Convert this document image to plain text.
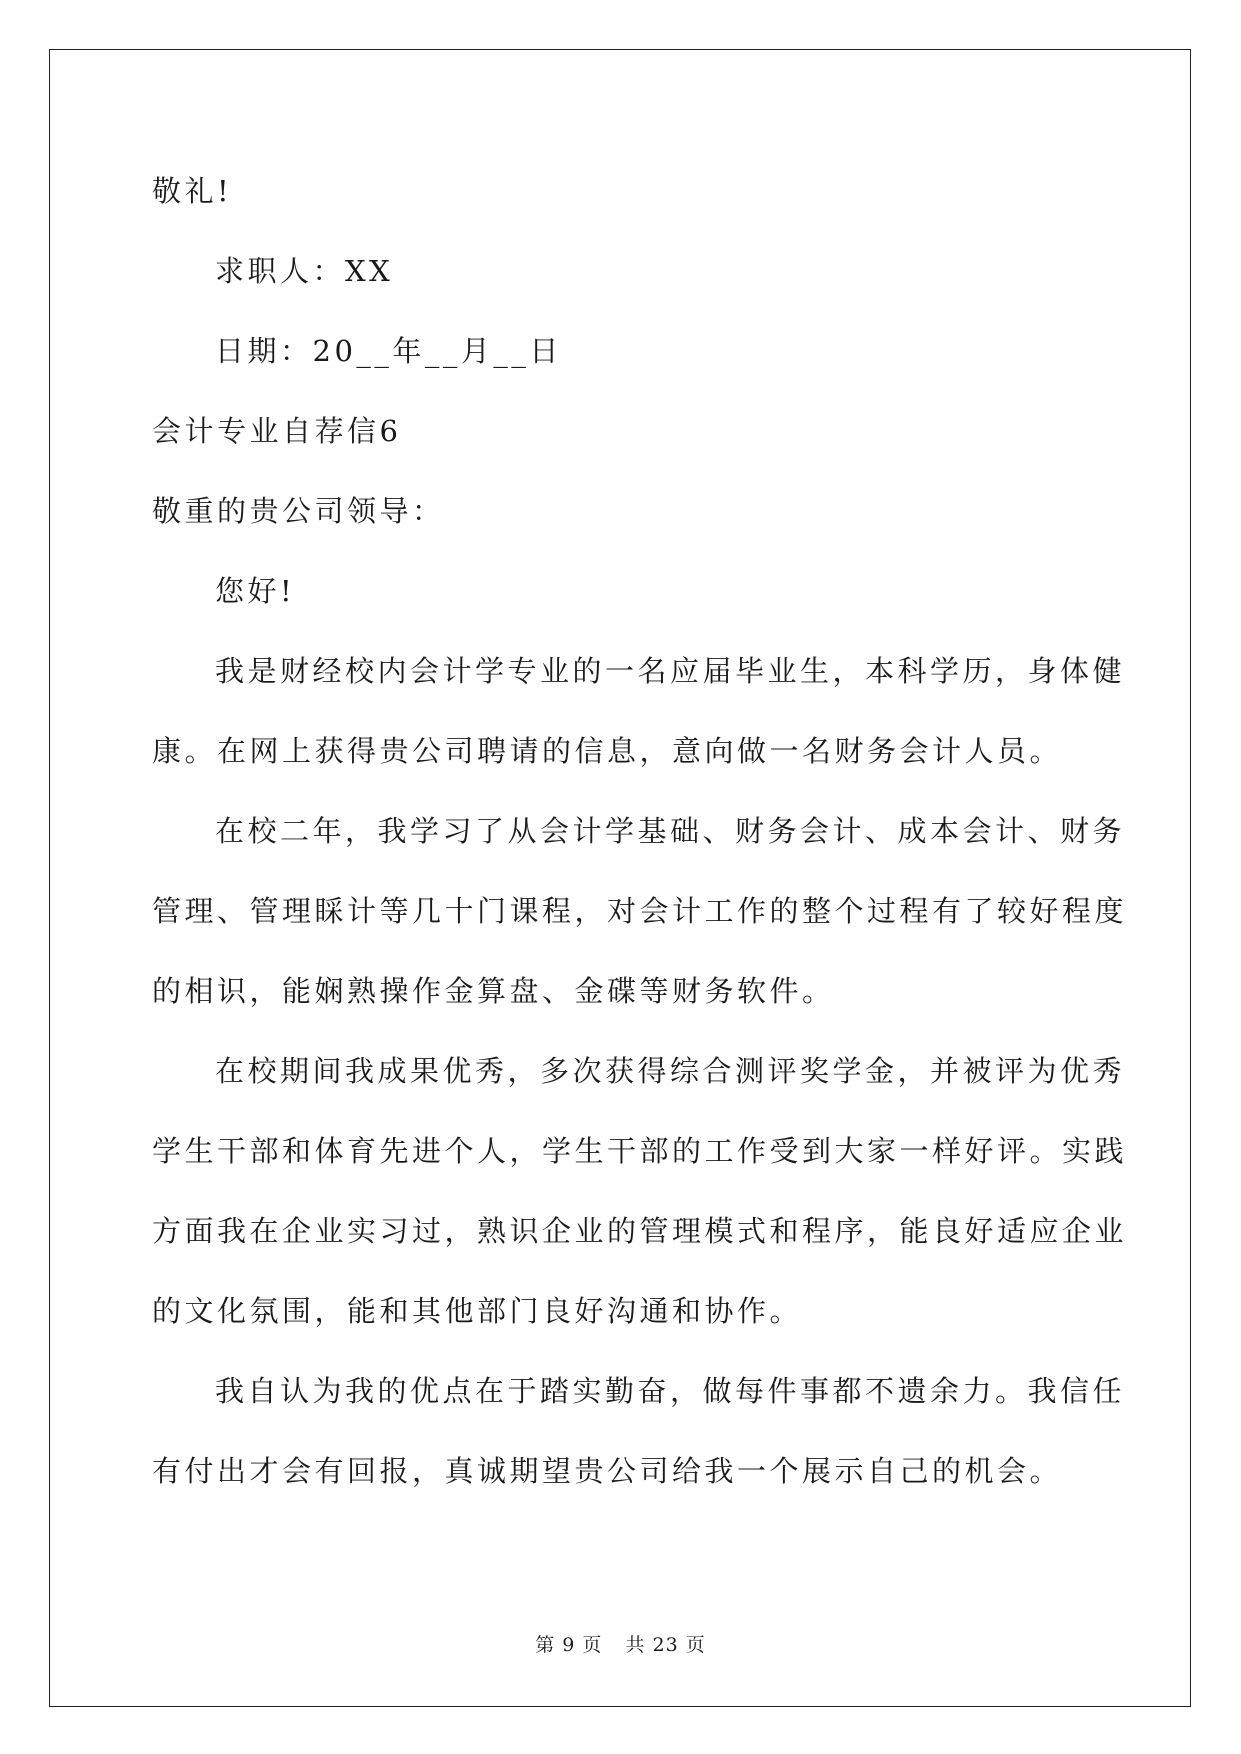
敬礼!
求职人：XX
日期：20__年__月__日
会计专业自荐信6
敬重的贵公司领导：
您好!
我是财经校内会计学专业的一名应届毕业生，本科学历，身体健
康。在网上获得贵公司聘请的信息，意向做一名财务会计人员。
在校二年，我学习了从会计学基础、财务会计、成本会计、财务
管理、管理睬计等几十门课程，对会计工作的整个过程有了较好程度
的相识，能娴熟操作金算盘、金碟等财务软件。
在校期间我成果优秀，多次获得综合测评奖学金，并被评为优秀
学生干部和体育先进个人，学生干部的工作受到大家一样好评。实践
方面我在企业实习过，熟识企业的管理模式和程序，能良好适应企业
的文化氛围，能和其他部门良好沟通和协作。
我自认为我的优点在于踏实勤奋，做每件事都不遗余力。我信任
有付出才会有回报，真诚期望贵公司给我一个展示自己的机会。
第 9 页 共 23 页
